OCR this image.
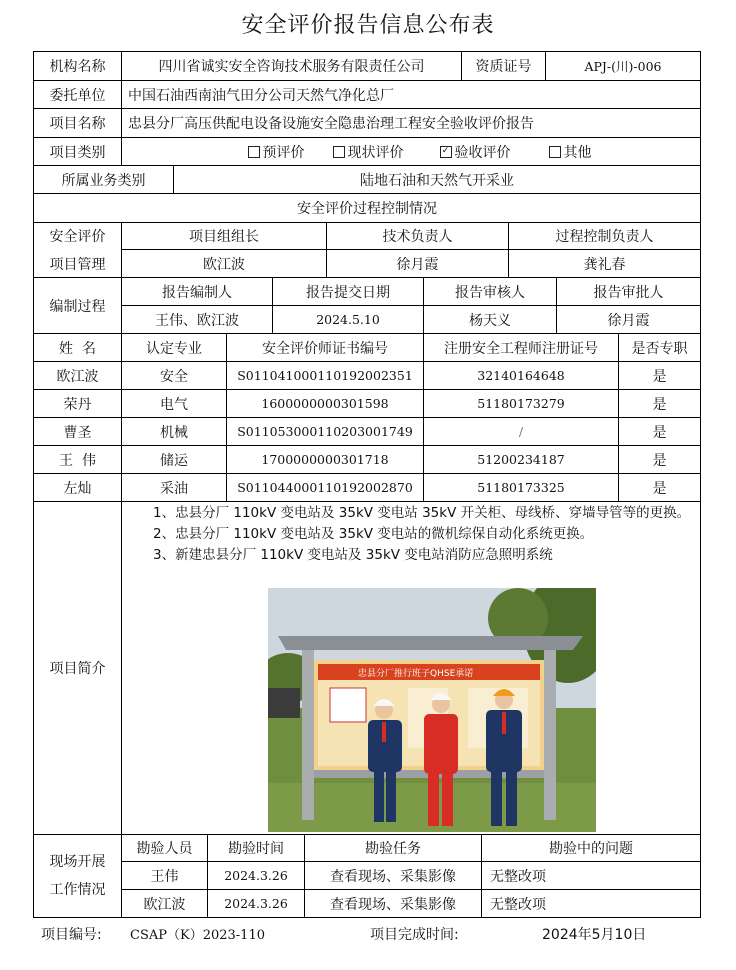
安全评价报告信息公布表
机构名称	四川省诚实安全咨询技术服务有限责任公司	资质证号	APJ-(川)-006
委托单位	中国石油西南油气田分公司天然气净化总厂
项目名称	忠县分厂高压供配电设备设施安全隐患治理工程安全验收评价报告
项目类别	预评价	现状评价	✓ 验收评价	其他
所属业务类别	陆地石油和天然气开采业
安全评价过程控制情况
安全评价
项目管理
项目组组长	技术负责人	过程控制负责人
欧江波	徐月霞	龚礼春
编制过程
报告编制人	报告提交日期	报告审核人	报告审批人
王伟、欧江波	2024.5.10	杨天义	徐月霞
姓  名	认定专业	安全评价师证书编号	注册安全工程师注册证号	是否专职
欧江波	安全	S011041000110192002351	32140164648	是
荣丹	电气	1600000000301598	51180173279	是
曹圣	机械	S011053000110203001749	/	是
王  伟	储运	1700000000301718	51200234187	是
左灿	采油	S011044000110192002870	51180173325	是
项目简介

1、忠县分厂 110kV 变电站及 35kV 变电站 35kV 开关柜、母线桥、穿墙导管等的更换。

2、忠县分厂 110kV 变电站及 35kV 变电站的微机综保自动化系统更换。

3、新建忠县分厂 110kV 变电站及 35kV 变电站消防应急照明系统

忠县分厂推行班子QHSE承诺
现场开展
工作情况
勘验人员	勘验时间	勘验任务	勘验中的问题
王伟	2024.3.26	查看现场、采集影像	无整改项
欧江波	2024.3.26	查看现场、采集影像	无整改项
项目编号: CSAP（K）2023-110	项目完成时间:	2024年5月10日
